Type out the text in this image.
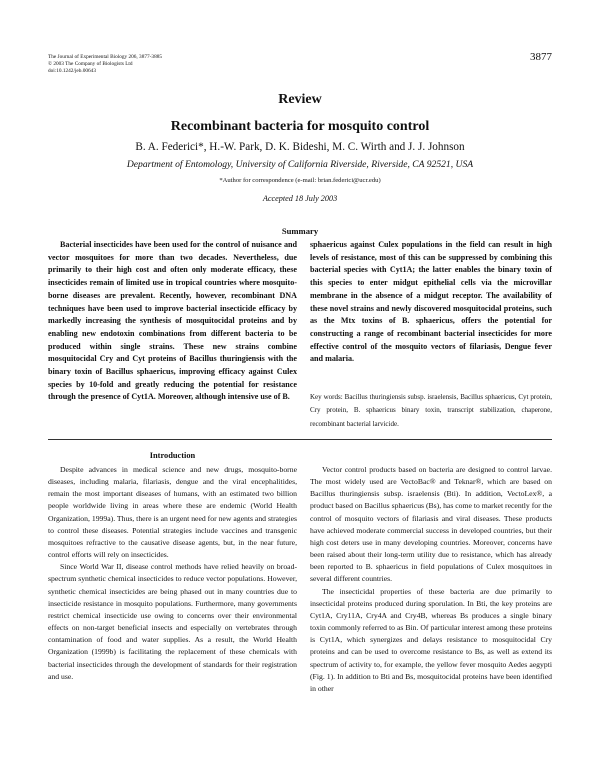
The Journal of Experimental Biology 206, 3877-3885
© 2003 The Company of Biologists Ltd
doi:10.1242/jeb.00643
3877
Review
Recombinant bacteria for mosquito control
B. A. Federici*, H.-W. Park, D. K. Bideshi, M. C. Wirth and J. J. Johnson
Department of Entomology, University of California Riverside, Riverside, CA 92521, USA
*Author for correspondence (e-mail: brian.federici@ucr.edu)
Accepted 18 July 2003
Summary

Bacterial insecticides have been used for the control of nuisance and vector mosquitoes for more than two decades. Nevertheless, due primarily to their high cost and often only moderate efficacy, these insecticides remain of limited use in tropical countries where mosquito-borne diseases are prevalent. Recently, however, recombinant DNA techniques have been used to improve bacterial insecticide efficacy by markedly increasing the synthesis of mosquitocidal proteins and by enabling new endotoxin combinations from different bacteria to be produced within single strains. These new strains combine mosquitocidal Cry and Cyt proteins of Bacillus thuringiensis with the binary toxin of Bacillus sphaericus, improving efficacy against Culex species by 10-fold and greatly reducing the potential for resistance through the presence of Cyt1A. Moreover, although intensive use of B.

sphaericus against Culex populations in the field can result in high levels of resistance, most of this can be suppressed by combining this bacterial species with Cyt1A; the latter enables the binary toxin of this species to enter midgut epithelial cells via the microvillar membrane in the absence of a midgut receptor. The availability of these novel strains and newly discovered mosquitocidal proteins, such as the Mtx toxins of B. sphaericus, offers the potential for constructing a range of recombinant bacterial insecticides for more effective control of the mosquito vectors of filariasis, Dengue fever and malaria.

Key words: Bacillus thuringiensis subsp. israelensis, Bacillus sphaericus, Cyt protein, Cry protein, B. sphaericus binary toxin, transcript stabilization, chaperone, recombinant bacterial larvicide.

Introduction

Despite advances in medical science and new drugs, mosquito-borne diseases, including malaria, filariasis, dengue and the viral encephalitides, remain the most important diseases of humans, with an estimated two billion people worldwide living in areas where these are endemic (World Health Organization, 1999a). Thus, there is an urgent need for new agents and strategies to control these diseases. Potential strategies include vaccines and transgenic mosquitoes refractive to the causative disease agents, but, in the near future, control efforts will rely on insecticides.

Since World War II, disease control methods have relied heavily on broad-spectrum synthetic chemical insecticides to reduce vector populations. However, synthetic chemical insecticides are being phased out in many countries due to insecticide resistance in mosquito populations. Furthermore, many governments restrict chemical insecticide use owing to concerns over their environmental effects on non-target beneficial insects and especially on vertebrates through contamination of food and water supplies. As a result, the World Health Organization (1999b) is facilitating the replacement of these chemicals with bacterial insecticides through the development of standards for their registration and use.

Vector control products based on bacteria are designed to control larvae. The most widely used are VectoBac® and Teknar®, which are based on Bacillus thuringiensis subsp. israelensis (Bti). In addition, VectoLex®, a product based on Bacillus sphaericus (Bs), has come to market recently for the control of mosquito vectors of filariasis and viral diseases. These products have achieved moderate commercial success in developed countries, but their high cost deters use in many developing countries. Moreover, concerns have been raised about their long-term utility due to resistance, which has already been reported to B. sphaericus in field populations of Culex mosquitoes in several different countries.

The insecticidal properties of these bacteria are due primarily to insecticidal proteins produced during sporulation. In Bti, the key proteins are Cyt1A, Cry11A, Cry4A and Cry4B, whereas Bs produces a single binary toxin commonly referred to as Bin. Of particular interest among these proteins is Cyt1A, which synergizes and delays resistance to mosquitocidal Cry proteins and can be used to overcome resistance to Bs, as well as extend its spectrum of activity to, for example, the yellow fever mosquito Aedes aegypti (Fig. 1). In addition to Bti and Bs, mosquitocidal proteins have been identified in other
